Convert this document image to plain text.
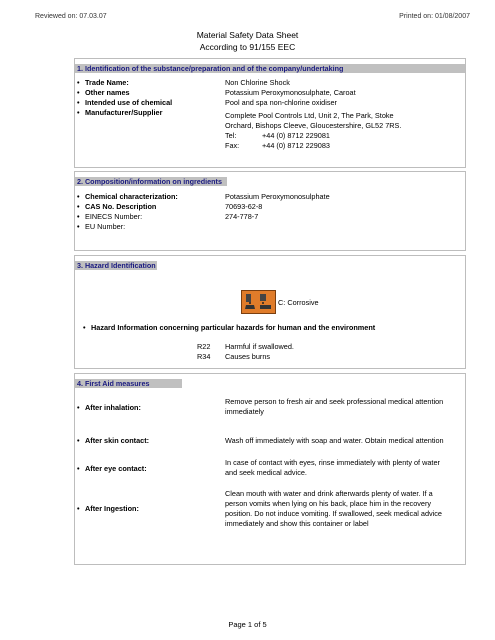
Reviewed on: 07.03.07	Printed on: 01/08/2007
Material Safety Data Sheet
According to 91/155 EEC
1. Identification of the substance/preparation and of the company/undertaking
• Trade Name:	Non Chlorine Shock
• Other names	Potassium Peroxymonosulphate, Caroat
• Intended use of chemical	Pool and spa non-chlorine oxidiser
• Manufacturer/Supplier	Complete Pool Controls Ltd, Unit 2, The Park, Stoke
Orchard, Bishops Cleeve, Gloucestershire, GL52 7RS.
Tel:	+44 (0) 8712 229081
Fax:	+44 (0) 8712 229083
2. Composition/information on ingredients
• Chemical characterization:	Potassium Peroxymonosulphate
• CAS No. Description	70693-62-8
• EINECS Number:	274-778-7
• EU Number:
3. Hazard Identification
C: Corrosive
• Hazard Information concerning particular hazards for human and the environment
R22 Harmful if swallowed.
R34 Causes burns
4. First Aid measures
• After inhalation:
Remove person to fresh air and seek professional medical attention
immediately
• After skin contact:	Wash off immediately with soap and water. Obtain medical attention
• After eye contact:
In case of contact with eyes, rinse immediately with plenty of water
and seek medical advice.
• After Ingestion:
Clean mouth with water and drink afterwards plenty of water. If a
person vomits when lying on his back, place him in the recovery
position. Do not induce vomiting. If swallowed, seek medical advice
immediately and show this container or label
Page 1 of 5
